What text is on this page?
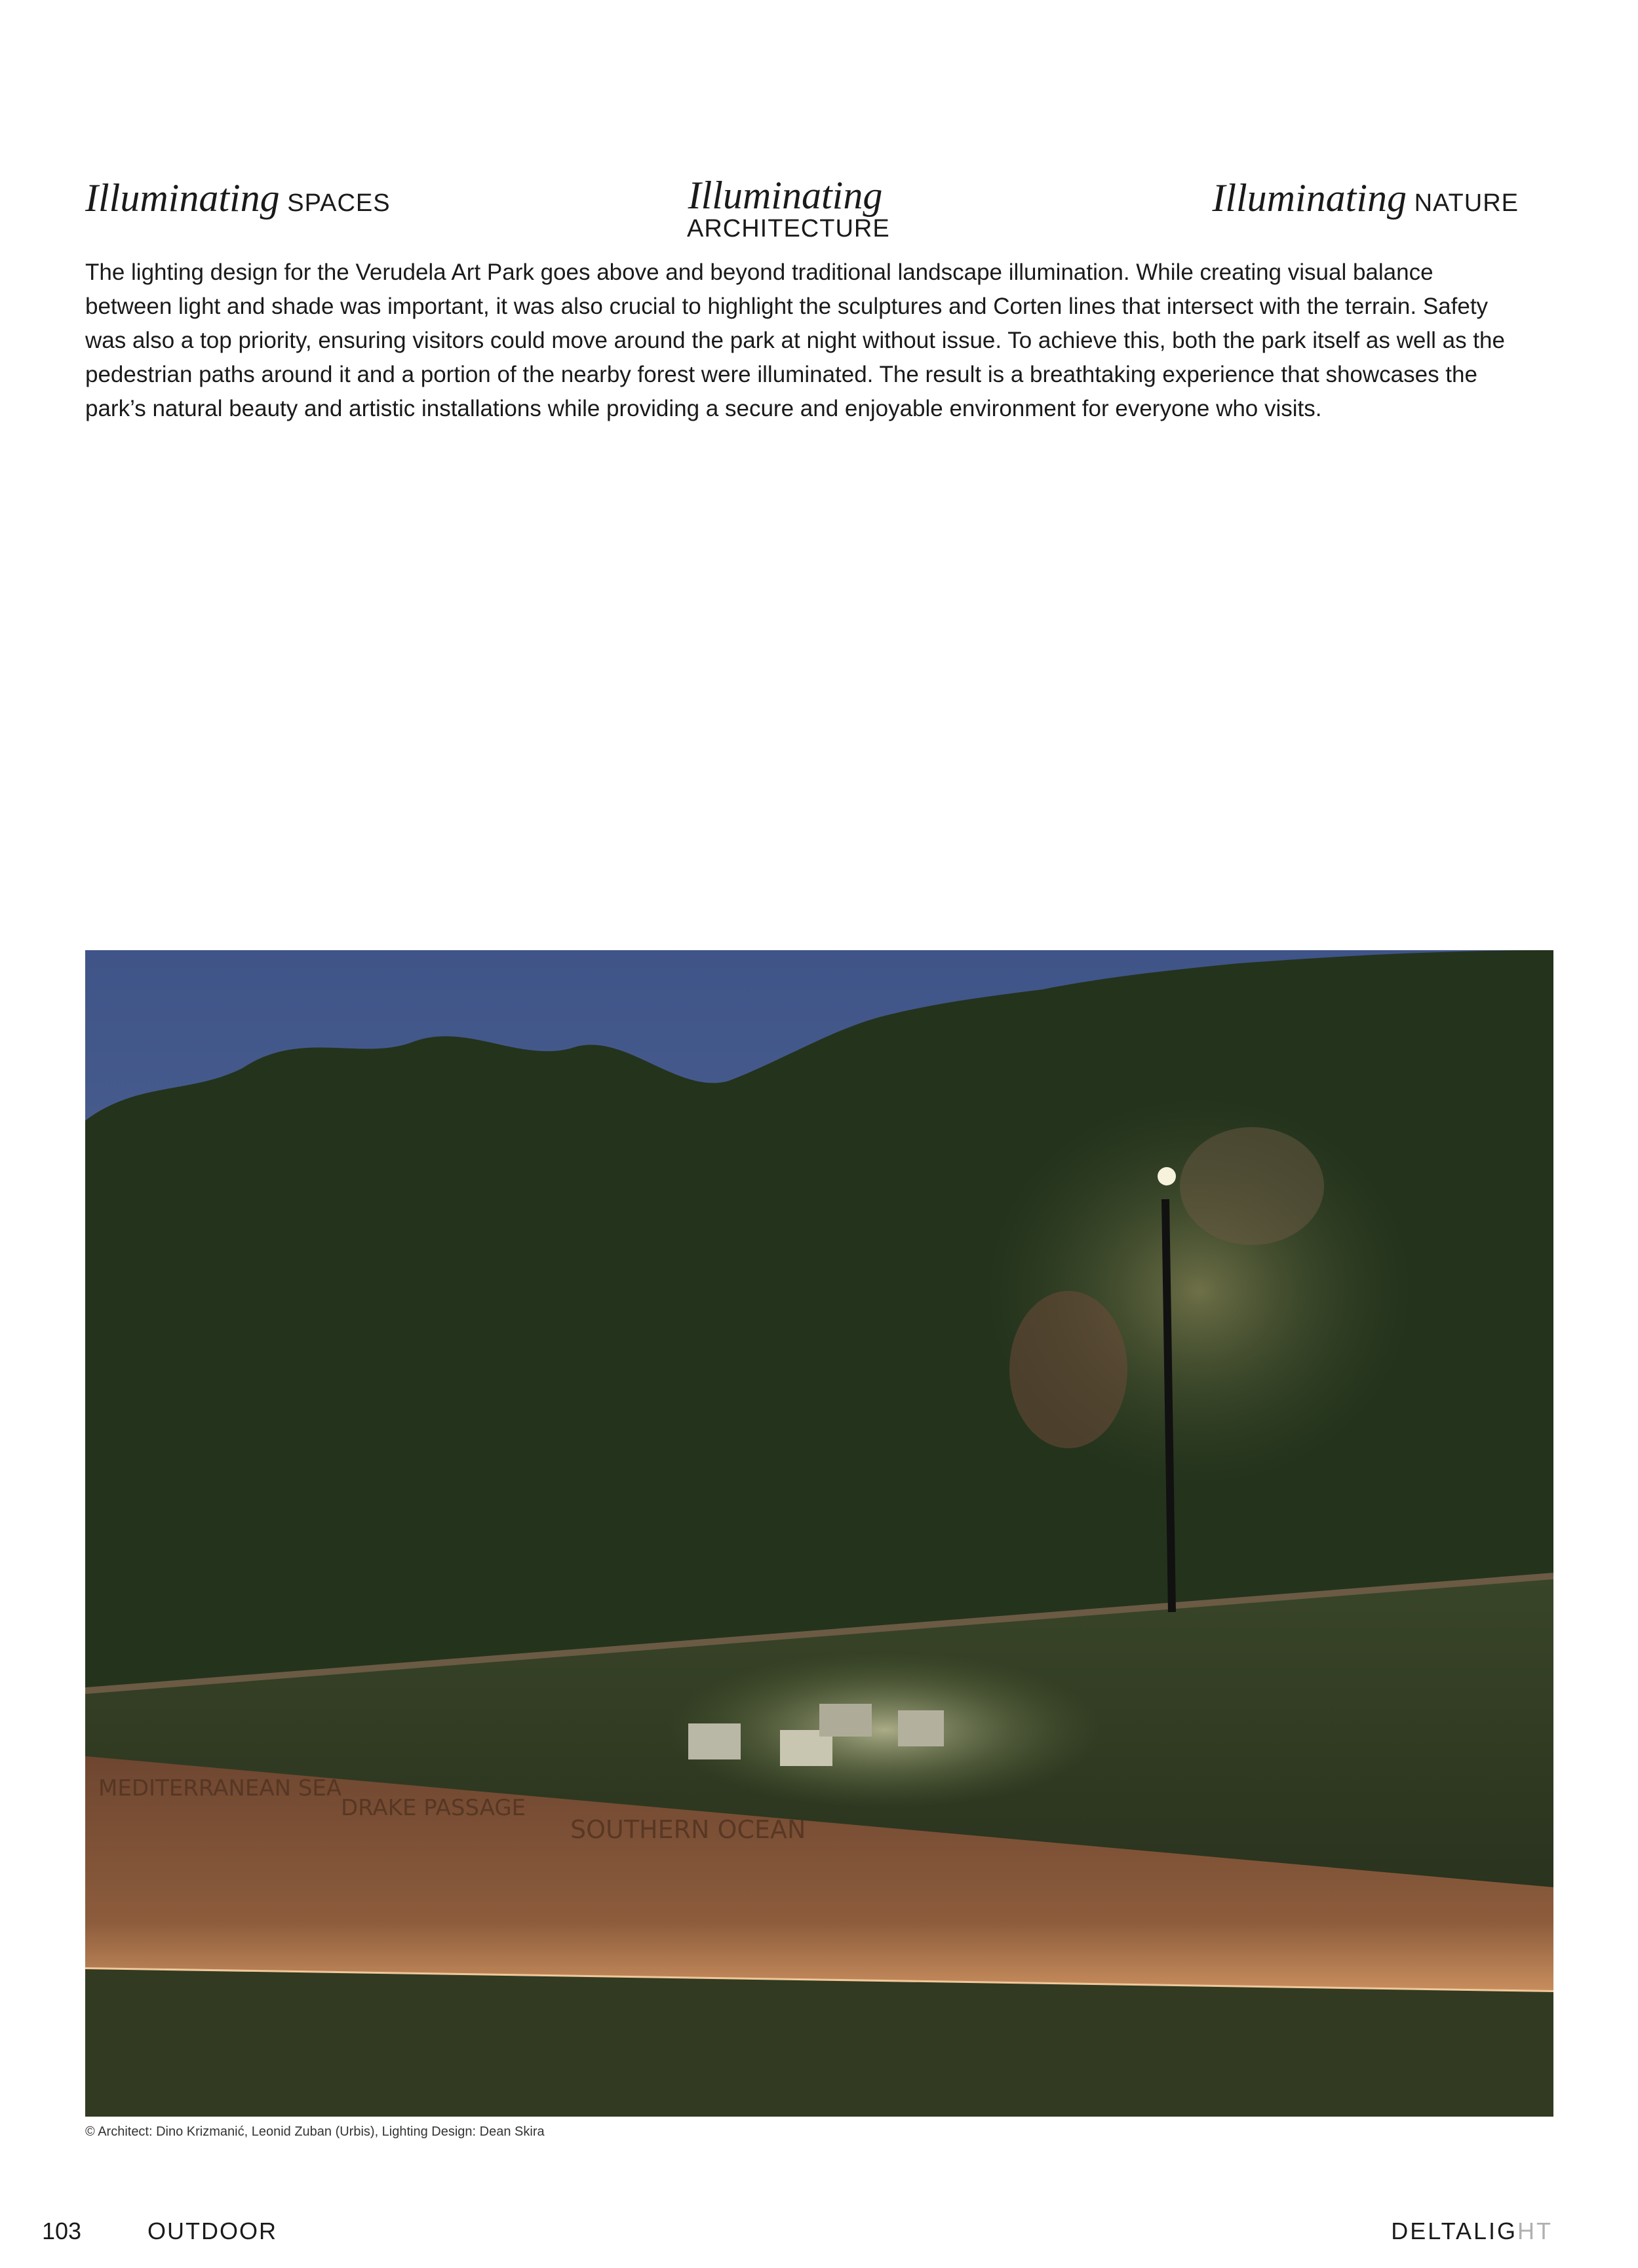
Illuminating SPACES	Illuminating
ARCHITECTURE
Illuminating NATURE

The lighting design for the Verudela Art Park goes above and beyond traditional landscape illumination. While creating visual balance between light and shade was important, it was also crucial to highlight the sculptures and Corten lines that intersect with the terrain. Safety was also a top priority, ensuring visitors could move around the park at night without issue. To achieve this, both the park itself as well as the pedestrian paths around it and a portion of the nearby forest were illuminated. The result is a breathtaking experience that showcases the park’s natural beauty and artistic installations while providing a secure and enjoyable environment for everyone who visits.

MEDITERRANEAN SEA
DRAKE PASSAGE
SOUTHERN OCEAN
© Architect: Dino Krizmanić, Leonid Zuban (Urbis), Lighting Design: Dean Skira
103	OUTDOOR	DELTALIGHT
